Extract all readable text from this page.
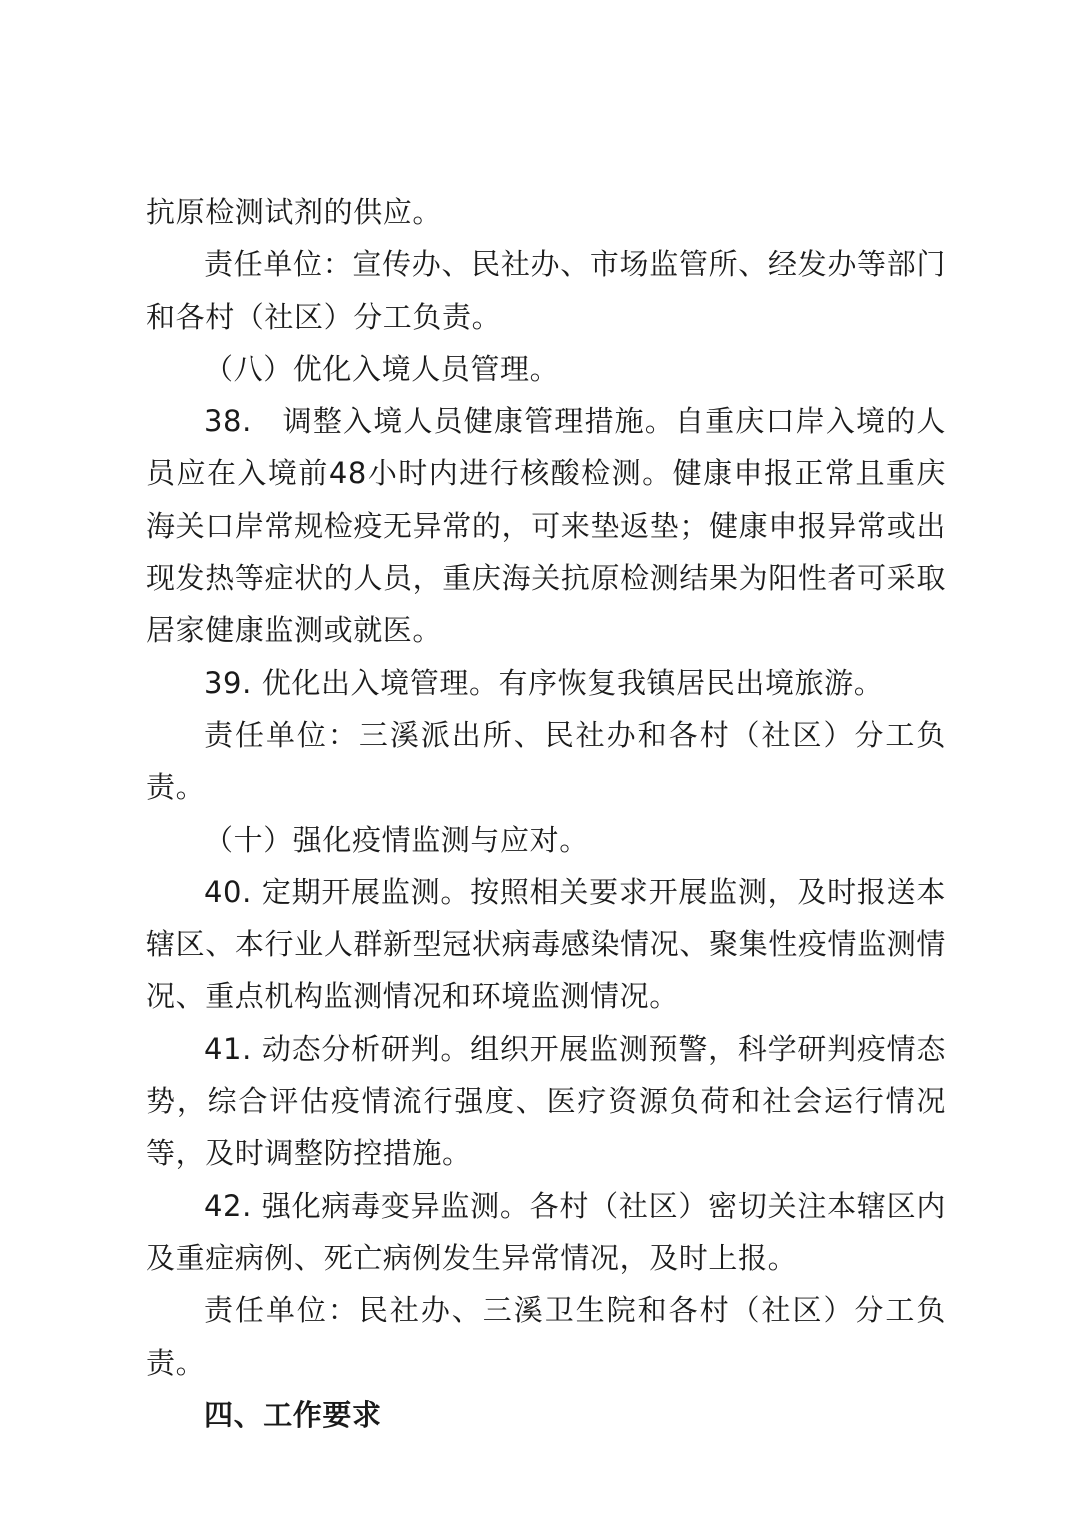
抗原检测试剂的供应。

责任单位：宣传办、民社办、市场监管所、经发办等部门和各村（社区）分工负责。

（八）优化入境人员管理。

38.　调整入境人员健康管理措施。自重庆口岸入境的人员应在入境前48小时内进行核酸检测。健康申报正常且重庆海关口岸常规检疫无异常的，可来垫返垫；健康申报异常或出现发热等症状的人员，重庆海关抗原检测结果为阳性者可采取居家健康监测或就医。

39. 优化出入境管理。有序恢复我镇居民出境旅游。

责任单位：三溪派出所、民社办和各村（社区）分工负责。

（十）强化疫情监测与应对。

40. 定期开展监测。按照相关要求开展监测，及时报送本辖区、本行业人群新型冠状病毒感染情况、聚集性疫情监测情况、重点机构监测情况和环境监测情况。

41. 动态分析研判。组织开展监测预警，科学研判疫情态势，综合评估疫情流行强度、医疗资源负荷和社会运行情况等，及时调整防控措施。

42. 强化病毒变异监测。各村（社区）密切关注本辖区内及重症病例、死亡病例发生异常情况，及时上报。

责任单位：民社办、三溪卫生院和各村（社区）分工负责。

四、工作要求
